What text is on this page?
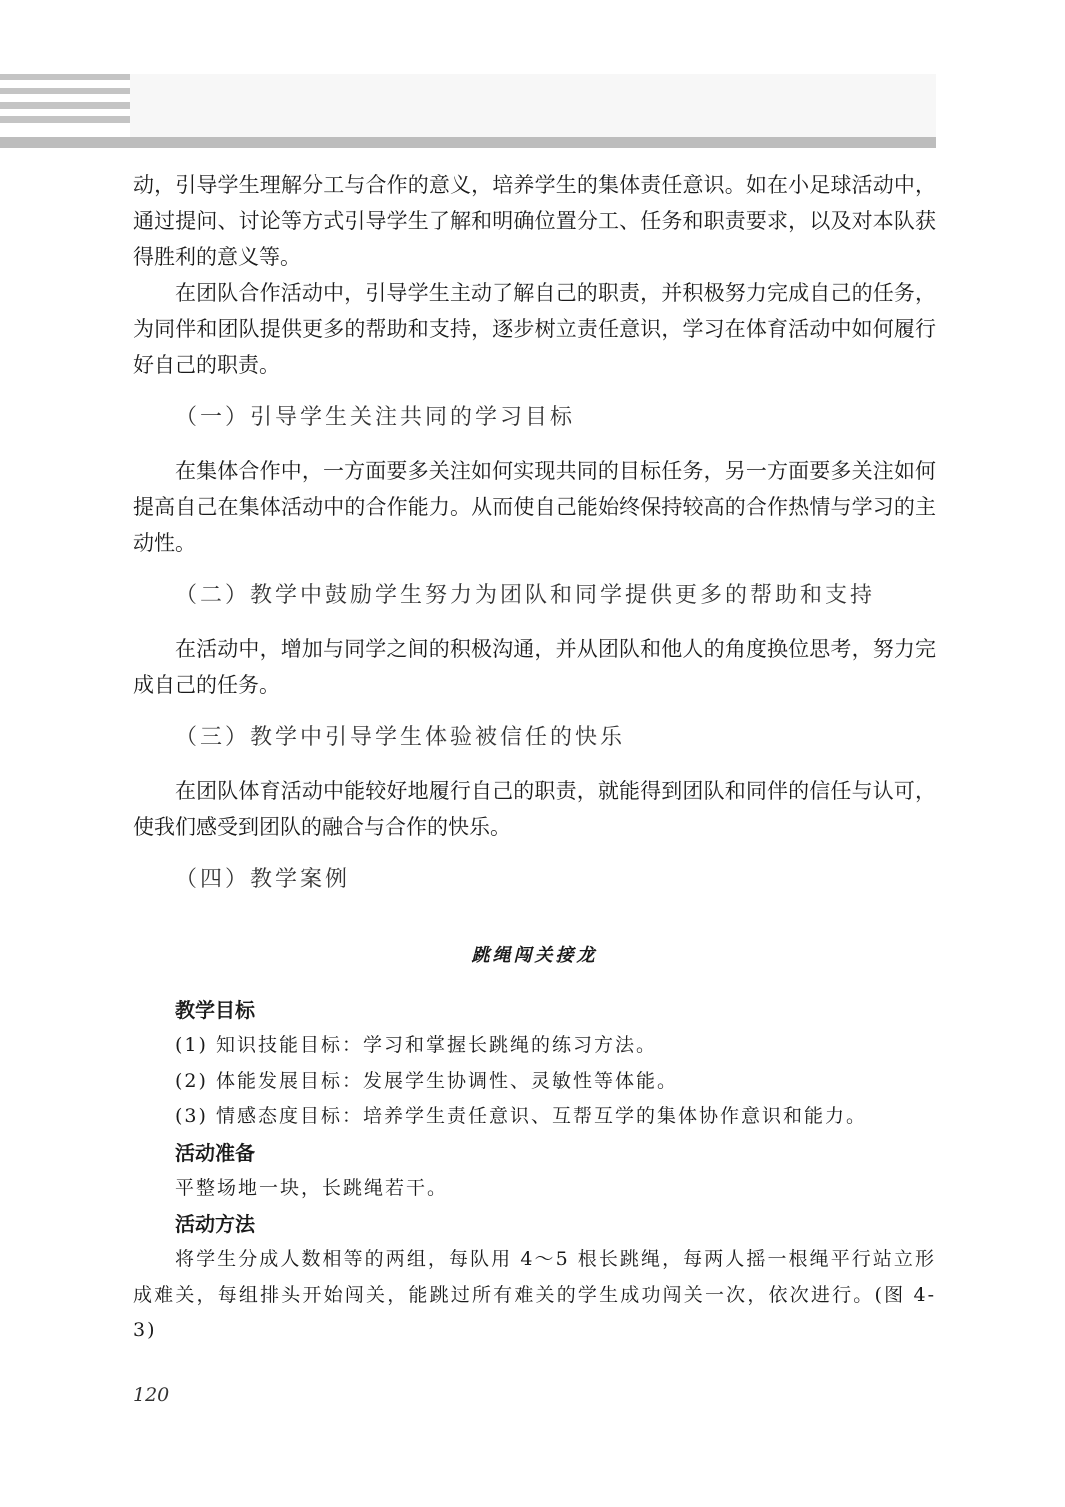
动，引导学生理解分工与合作的意义，培养学生的集体责任意识。如在小足球活动中，通过提问、讨论等方式引导学生了解和明确位置分工、任务和职责要求，以及对本队获得胜利的意义等。

在团队合作活动中，引导学生主动了解自己的职责，并积极努力完成自己的任务，为同伴和团队提供更多的帮助和支持，逐步树立责任意识，学习在体育活动中如何履行好自己的职责。

（一）引导学生关注共同的学习目标

在集体合作中，一方面要多关注如何实现共同的目标任务，另一方面要多关注如何提高自己在集体活动中的合作能力。从而使自己能始终保持较高的合作热情与学习的主动性。

（二）教学中鼓励学生努力为团队和同学提供更多的帮助和支持

在活动中，增加与同学之间的积极沟通，并从团队和他人的角度换位思考，努力完成自己的任务。

（三）教学中引导学生体验被信任的快乐

在团队体育活动中能较好地履行自己的职责，就能得到团队和同伴的信任与认可，使我们感受到团队的融合与合作的快乐。

（四）教学案例

跳绳闯关接龙

教学目标

(1) 知识技能目标：学习和掌握长跳绳的练习方法。

(2) 体能发展目标：发展学生协调性、灵敏性等体能。

(3) 情感态度目标：培养学生责任意识、互帮互学的集体协作意识和能力。

活动准备

平整场地一块，长跳绳若干。

活动方法

将学生分成人数相等的两组，每队用 4～5 根长跳绳，每两人摇一根绳平行站立形成难关，每组排头开始闯关，能跳过所有难关的学生成功闯关一次，依次进行。(图 4-3)

120
